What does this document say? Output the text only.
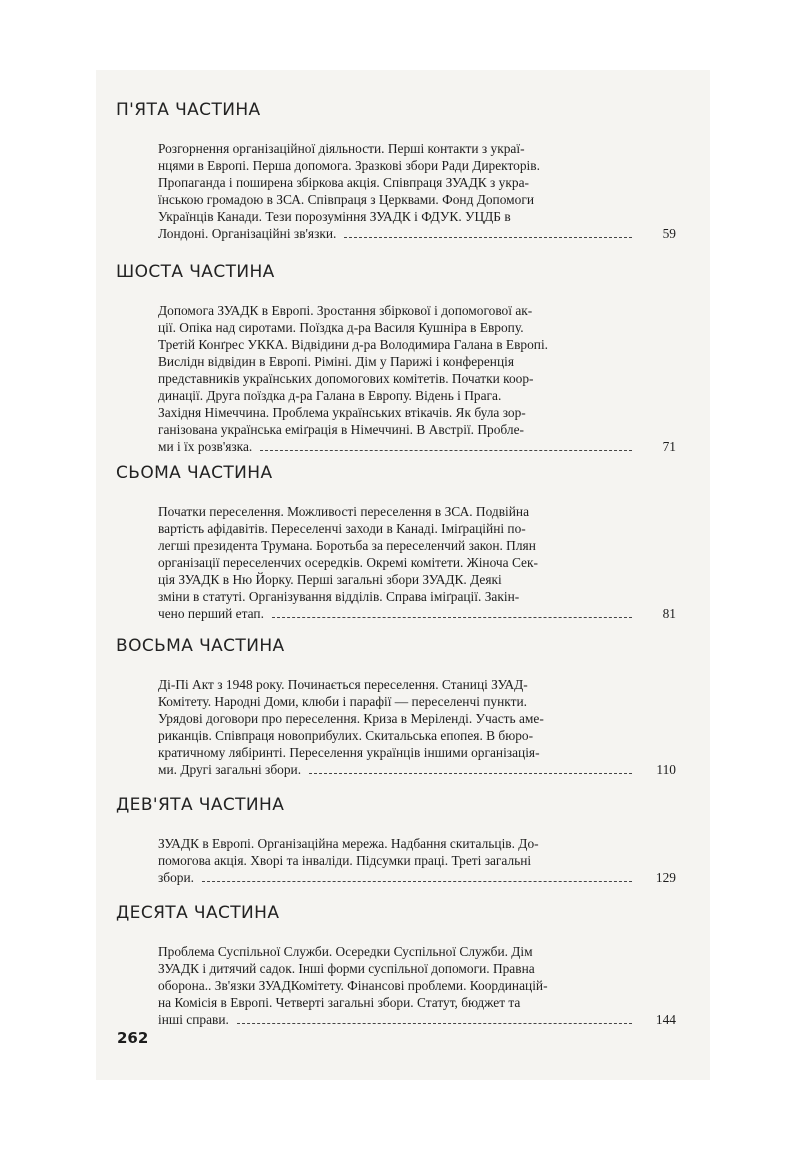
П'ЯТА ЧАСТИНА
Розгорнення організаційної діяльности. Перші контакти з украї-
нцями в Европі. Перша допомога. Зразкові збори Ради Директорів.
Пропаганда і поширена збіркова акція. Співпраця ЗУАДК з укра-
їнською громадою в ЗСА. Співпраця з Церквами. Фонд Допомоги
Українців Канади. Тези порозуміння ЗУАДК і ФДУК. УЦДБ в
Лондоні. Організаційні зв'язки.	59
ШОСТА ЧАСТИНА
Допомога ЗУАДК в Европі. Зростання збіркової і допомогової ак-
ції. Опіка над сиротами. Поїздка д-ра Василя Кушніра в Европу.
Третій Конґрес УККА. Відвідини д-ра Володимира Галана в Европі.
Вислідн відвідин в Европі. Рімінi. Дім у Парижі і конференція
представників українських допомогових комітетів. Початки коор-
динації. Друга поїздка д-ра Галана в Европу. Відень і Прага.
Західня Німеччина. Проблема українських втікачів. Як була зор-
ганізована українська еміґрація в Німеччині. В Австрії. Пробле-
ми і їх розв'язка.	71
СЬОМА ЧАСТИНА
Початки переселення. Можливості переселення в ЗСА. Подвійна
вартість афідавітів. Переселенчі заходи в Канаді. Іміґраційні по-
легші президента Трумана. Боротьба за переселенчий закон. Плян
організації переселенчих осередків. Окремі комітети. Жіноча Сек-
ція ЗУАДК в Ню Йорку. Перші загальні збори ЗУАДК. Деякі
зміни в статуті. Організування відділів. Справа іміґрації. Закін-
чено перший етап.	81
ВОСЬМА ЧАСТИНА
Ді-Пі Акт з 1948 року. Починається переселення. Станиці ЗУАД-
Комітету. Народні Доми, клюби і парафії — переселенчі пункти.
Урядові договори про переселення. Криза в Меріленді. Участь аме-
риканців. Співпраця новоприбулих. Скитальська епопея. В бюро-
кратичному лябіринті. Переселення українців іншими організація-
ми. Другі загальні збори.	110
ДЕВ'ЯТА ЧАСТИНА
ЗУАДК в Европі. Організаційна мережа. Надбання скитальців. До-
помогова акція. Хворі та інваліди. Підсумки праці. Треті загальні
збори.	129
ДЕСЯТА ЧАСТИНА
Проблема Суспільної Служби. Осередки Суспільної Служби. Дім
ЗУАДК і дитячий садок. Інші форми суспільної допомоги. Правна
оборона.. Зв'язки ЗУАДКомітету. Фінансові проблеми. Координацій-
на Комісія в Европі. Четверті загальні збори. Статут, бюджет та
інші справи.	144
262
